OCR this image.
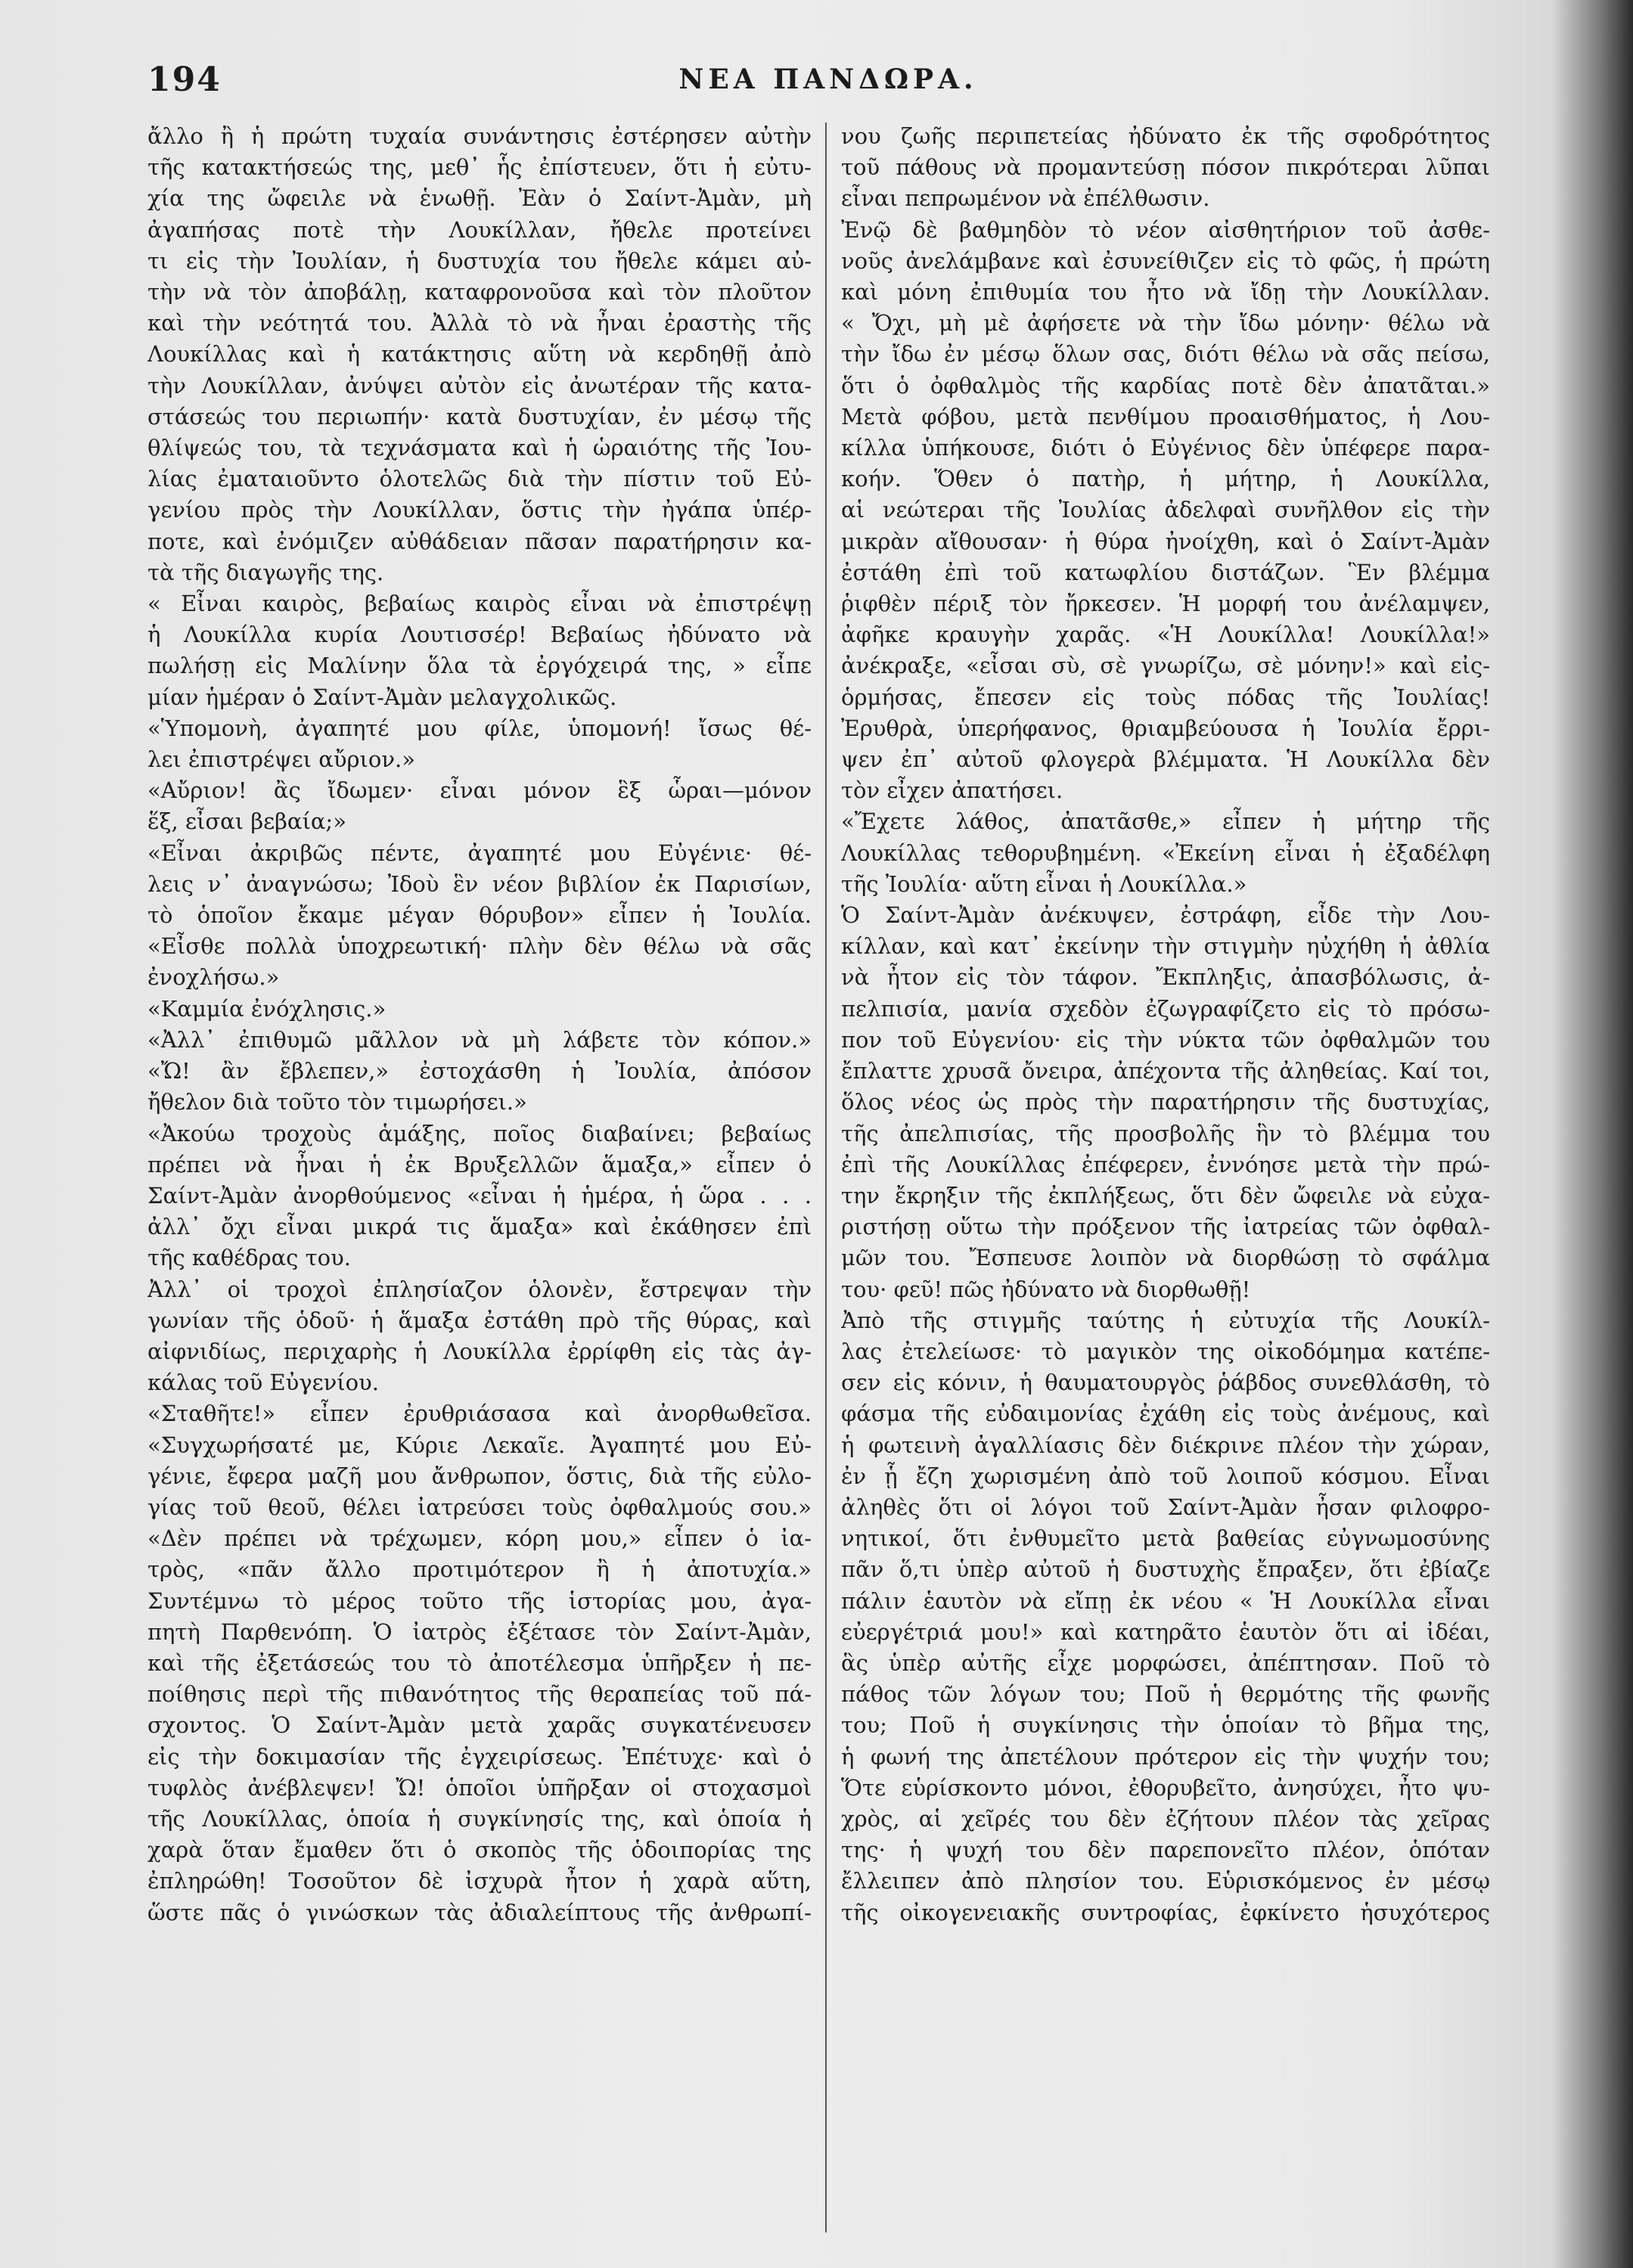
194	ΝΕΑ ΠΑΝΔΩΡΑ.
ἄλλο ἢ ἡ πρώτη τυχαία συνάντησις ἐστέρησεν αὐτὴν
τῆς κατακτήσεώς της, μεθ᾿ ἧς ἐπίστευεν, ὅτι ἡ εὐτυ-
χία της ὤφειλε νὰ ἑνωθῇ. Ἐὰν ὁ Σαίντ-Ἀμὰν, μὴ
ἀγαπήσας ποτὲ τὴν Λουκίλλαν, ἤθελε προτείνει
τι εἰς τὴν Ἰουλίαν, ἡ δυστυχία του ἤθελε κάμει αὐ-
τὴν νὰ τὸν ἀποβάλῃ, καταφρονοῦσα καὶ τὸν πλοῦτον
καὶ τὴν νεότητά του. Ἀλλὰ τὸ νὰ ἦναι ἐραστὴς τῆς
Λουκίλλας καὶ ἡ κατάκτησις αὕτη νὰ κερδηθῇ ἀπὸ
τὴν Λουκίλλαν, ἀνύψει αὐτὸν εἰς ἀνωτέραν τῆς κατα-
στάσεώς του περιωπήν· κατὰ δυστυχίαν, ἐν μέσῳ τῆς
θλίψεώς του, τὰ τεχνάσματα καὶ ἡ ὡραιότης τῆς Ἰου-
λίας ἐματαιοῦντο ὁλοτελῶς διὰ τὴν πίστιν τοῦ Εὐ-
γενίου πρὸς τὴν Λουκίλλαν, ὅστις τὴν ἠγάπα ὑπέρ-
ποτε, καὶ ἐνόμιζεν αὐθάδειαν πᾶσαν παρατήρησιν κα-
τὰ τῆς διαγωγῆς της.
« Εἶναι καιρὸς, βεβαίως καιρὸς εἶναι νὰ ἐπιστρέψῃ
ἡ Λουκίλλα κυρία Λουτισσέρ! Βεβαίως ἠδύνατο νὰ
πωλήσῃ εἰς Μαλίνην ὅλα τὰ ἐργόχειρά της, » εἶπε
μίαν ἡμέραν ὁ Σαίντ-Ἀμὰν μελαγχολικῶς.
«Ὑπομονὴ, ἀγαπητέ μου φίλε, ὑπομονή! ἴσως θέ-
λει ἐπιστρέψει αὔριον.»
«Αὔριον! ἂς ἴδωμεν· εἶναι μόνον ἓξ ὧραι—μόνον
ἕξ, εἶσαι βεβαία;»
«Εἶναι ἀκριβῶς πέντε, ἀγαπητέ μου Εὐγένιε· θέ-
λεις ν᾿ ἀναγνώσω; Ἰδοὺ ἓν νέον βιβλίον ἐκ Παρισίων,
τὸ ὁποῖον ἔκαμε μέγαν θόρυβον» εἶπεν ἡ Ἰουλία.
«Εἶσθε πολλὰ ὑποχρεωτική· πλὴν δὲν θέλω νὰ σᾶς
ἐνοχλήσω.»
«Καμμία ἐνόχλησις.»
«Ἀλλ᾿ ἐπιθυμῶ μᾶλλον νὰ μὴ λάβετε τὸν κόπον.»
«Ὤ! ἂν ἔβλεπεν,» ἐστοχάσθη ἡ Ἰουλία, ἀπόσον
ἤθελον διὰ τοῦτο τὸν τιμωρήσει.»
«Ἀκούω τροχοὺς ἁμάξης, ποῖος διαβαίνει; βεβαίως
πρέπει νὰ ἦναι ἡ ἐκ Βρυξελλῶν ἅμαξα,» εἶπεν ὁ
Σαίντ-Ἀμὰν ἀνορθούμενος «εἶναι ἡ ἡμέρα, ἡ ὥρα . . .
ἀλλ᾿ ὄχι εἶναι μικρά τις ἅμαξα» καὶ ἐκάθησεν ἐπὶ
τῆς καθέδρας του.
Ἀλλ᾿ οἱ τροχοὶ ἐπλησίαζον ὁλονὲν, ἔστρεψαν τὴν
γωνίαν τῆς ὁδοῦ· ἡ ἅμαξα ἐστάθη πρὸ τῆς θύρας, καὶ
αἰφνιδίως, περιχαρὴς ἡ Λουκίλλα ἐρρίφθη εἰς τὰς ἀγ-
κάλας τοῦ Εὐγενίου.
«Σταθῆτε!» εἶπεν ἐρυθριάσασα καὶ ἀνορθωθεῖσα.
«Συγχωρήσατέ με, Κύριε Λεκαῖε. Ἀγαπητέ μου Εὐ-
γένιε, ἔφερα μαζῆ μου ἄνθρωπον, ὅστις, διὰ τῆς εὐλο-
γίας τοῦ θεοῦ, θέλει ἰατρεύσει τοὺς ὀφθαλμούς σου.»
«Δὲν πρέπει νὰ τρέχωμεν, κόρη μου,» εἶπεν ὁ ἰα-
τρὸς, «πᾶν ἄλλο προτιμότερον ἢ ἡ ἀποτυχία.»
Συντέμνω τὸ μέρος τοῦτο τῆς ἱστορίας μου, ἀγα-
πητὴ Παρθενόπη. Ὁ ἰατρὸς ἐξέτασε τὸν Σαίντ-Ἀμὰν,
καὶ τῆς ἐξετάσεώς του τὸ ἀποτέλεσμα ὑπῆρξεν ἡ πε-
ποίθησις περὶ τῆς πιθανότητος τῆς θεραπείας τοῦ πά-
σχοντος. Ὁ Σαίντ-Ἀμὰν μετὰ χαρᾶς συγκατένευσεν
εἰς τὴν δοκιμασίαν τῆς ἐγχειρίσεως. Ἐπέτυχε· καὶ ὁ
τυφλὸς ἀνέβλεψεν! Ὤ! ὁποῖοι ὑπῆρξαν οἱ στοχασμοὶ
τῆς Λουκίλλας, ὁποία ἡ συγκίνησίς της, καὶ ὁποία ἡ
χαρὰ ὅταν ἔμαθεν ὅτι ὁ σκοπὸς τῆς ὁδοιπορίας της
ἐπληρώθη! Τοσοῦτον δὲ ἰσχυρὰ ἦτον ἡ χαρὰ αὕτη,
ὥστε πᾶς ὁ γινώσκων τὰς ἀδιαλείπτους τῆς ἀνθρωπί-
νου ζωῆς περιπετείας ἠδύνατο ἐκ τῆς σφοδρότητος
τοῦ πάθους νὰ προμαντεύσῃ πόσον πικρότεραι λῦπαι
εἶναι πεπρωμένον νὰ ἐπέλθωσιν.
Ἐνῷ δὲ βαθμηδὸν τὸ νέον αἰσθητήριον τοῦ ἀσθε-
νοῦς ἀνελάμβανε καὶ ἐσυνείθιζεν εἰς τὸ φῶς, ἡ πρώτη
καὶ μόνη ἐπιθυμία του ἦτο νὰ ἴδῃ τὴν Λουκίλλαν.
« Ὄχι, μὴ μὲ ἀφήσετε νὰ τὴν ἴδω μόνην· θέλω νὰ
τὴν ἴδω ἐν μέσῳ ὅλων σας, διότι θέλω νὰ σᾶς πείσω,
ὅτι ὁ ὀφθαλμὸς τῆς καρδίας ποτὲ δὲν ἀπατᾶται.»
Μετὰ φόβου, μετὰ πενθίμου προαισθήματος, ἡ Λου-
κίλλα ὑπήκουσε, διότι ὁ Εὐγένιος δὲν ὑπέφερε παρα-
κοήν. Ὅθεν ὁ πατὴρ, ἡ μήτηρ, ἡ Λουκίλλα,
αἱ νεώτεραι τῆς Ἰουλίας ἀδελφαὶ συνῆλθον εἰς τὴν
μικρὰν αἴθουσαν· ἡ θύρα ἠνοίχθη, καὶ ὁ Σαίντ-Ἀμὰν
ἐστάθη ἐπὶ τοῦ κατωφλίου διστάζων. Ἓν βλέμμα
ῥιφθὲν πέριξ τὸν ἤρκεσεν. Ἡ μορφή του ἀνέλαμψεν,
ἀφῆκε κραυγὴν χαρᾶς. «Ἡ Λουκίλλα! Λουκίλλα!»
ἀνέκραξε, «εἶσαι σὺ, σὲ γνωρίζω, σὲ μόνην!» καὶ εἰς-
ὁρμήσας, ἔπεσεν εἰς τοὺς πόδας τῆς Ἰουλίας!
Ἐρυθρὰ, ὑπερήφανος, θριαμβεύουσα ἡ Ἰουλία ἔρρι-
ψεν ἐπ᾿ αὐτοῦ φλογερὰ βλέμματα. Ἡ Λουκίλλα δὲν
τὸν εἶχεν ἀπατήσει.
«Ἔχετε λάθος, ἀπατᾶσθε,» εἶπεν ἡ μήτηρ τῆς
Λουκίλλας τεθορυβημένη. «Ἐκείνη εἶναι ἡ ἐξαδέλφη
τῆς Ἰουλία· αὕτη εἶναι ἡ Λουκίλλα.»
Ὁ Σαίντ-Ἀμὰν ἀνέκυψεν, ἐστράφη, εἶδε τὴν Λου-
κίλλαν, καὶ κατ᾿ ἐκείνην τὴν στιγμὴν ηὐχήθη ἡ ἀθλία
νὰ ἦτον εἰς τὸν τάφον. Ἔκπληξις, ἀπασβόλωσις, ἀ-
πελπισία, μανία σχεδὸν ἐζωγραφίζετο εἰς τὸ πρόσω-
πον τοῦ Εὐγενίου· εἰς τὴν νύκτα τῶν ὀφθαλμῶν του
ἔπλαττε χρυσᾶ ὄνειρα, ἀπέχοντα τῆς ἀληθείας. Καί τοι,
ὅλος νέος ὡς πρὸς τὴν παρατήρησιν τῆς δυστυχίας,
τῆς ἀπελπισίας, τῆς προσβολῆς ἣν τὸ βλέμμα του
ἐπὶ τῆς Λουκίλλας ἐπέφερεν, ἐννόησε μετὰ τὴν πρώ-
την ἔκρηξιν τῆς ἐκπλήξεως, ὅτι δὲν ὤφειλε νὰ εὐχα-
ριστήσῃ οὕτω τὴν πρόξενον τῆς ἰατρείας τῶν ὀφθαλ-
μῶν του. Ἔσπευσε λοιπὸν νὰ διορθώσῃ τὸ σφάλμα
του· φεῦ! πῶς ἠδύνατο νὰ διορθωθῇ!
Ἀπὸ τῆς στιγμῆς ταύτης ἡ εὐτυχία τῆς Λουκίλ-
λας ἐτελείωσε· τὸ μαγικὸν της οἰκοδόμημα κατέπε-
σεν εἰς κόνιν, ἡ θαυματουργὸς ῥάβδος συνεθλάσθη, τὸ
φάσμα τῆς εὐδαιμονίας ἐχάθη εἰς τοὺς ἀνέμους, καὶ
ἡ φωτεινὴ ἀγαλλίασις δὲν διέκρινε πλέον τὴν χώραν,
ἐν ᾗ ἔζη χωρισμένη ἀπὸ τοῦ λοιποῦ κόσμου. Εἶναι
ἀληθὲς ὅτι οἱ λόγοι τοῦ Σαίντ-Ἀμὰν ἦσαν φιλοφρο-
νητικοί, ὅτι ἐνθυμεῖτο μετὰ βαθείας εὐγνωμοσύνης
πᾶν ὅ,τι ὑπὲρ αὐτοῦ ἡ δυστυχὴς ἔπραξεν, ὅτι ἐβίαζε
πάλιν ἑαυτὸν νὰ εἴπῃ ἐκ νέου « Ἡ Λουκίλλα εἶναι
εὐεργέτριά μου!» καὶ κατηρᾶτο ἑαυτὸν ὅτι αἱ ἰδέαι,
ἃς ὑπὲρ αὐτῆς εἶχε μορφώσει, ἀπέπτησαν. Ποῦ τὸ
πάθος τῶν λόγων του; Ποῦ ἡ θερμότης τῆς φωνῆς
του; Ποῦ ἡ συγκίνησις τὴν ὁποίαν τὸ βῆμα της,
ἡ φωνή της ἀπετέλουν πρότερον εἰς τὴν ψυχήν του;
Ὅτε εὑρίσκοντο μόνοι, ἐθορυβεῖτο, ἀνησύχει, ἦτο ψυ-
χρὸς, αἱ χεῖρές του δὲν ἐζήτουν πλέον τὰς χεῖρας
της· ἡ ψυχή του δὲν παρεπονεῖτο πλέον, ὁπόταν
ἔλλειπεν ἀπὸ πλησίον του. Εὑρισκόμενος ἐν μέσῳ
τῆς οἰκογενειακῆς συντροφίας, ἐφκίνετο ἡσυχότερος
